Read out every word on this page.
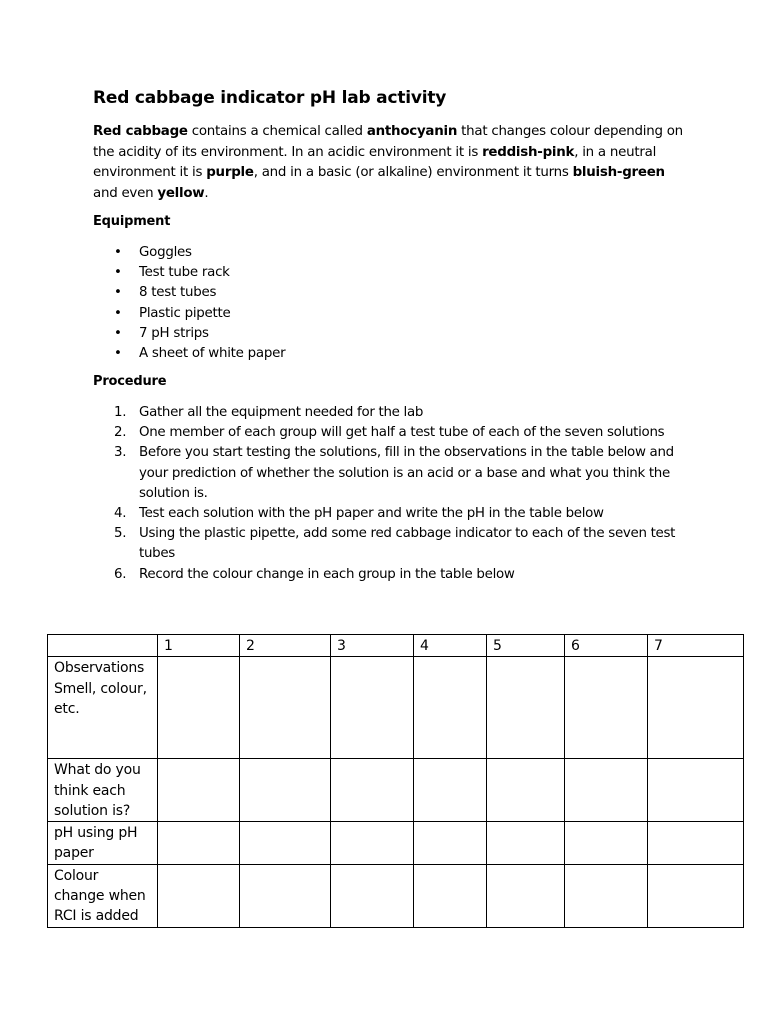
Red cabbage indicator pH lab activity
Red cabbage contains a chemical called anthocyanin that changes colour depending on the acidity of its environment. In an acidic environment it is reddish-pink, in a neutral environment it is purple, and in a basic (or alkaline) environment it turns bluish-green and even yellow.
Equipment
• Goggles
• Test tube rack
• 8 test tubes
• Plastic pipette
• 7 pH strips
• A sheet of white paper
Procedure
1. Gather all the equipment needed for the lab
2. One member of each group will get half a test tube of each of the seven solutions
3. Before you start testing the solutions, fill in the observations in the table below and your prediction of whether the solution is an acid or a base and what you think the solution is.
4. Test each solution with the pH paper and write the pH in the table below
5. Using the plastic pipette, add some red cabbage indicator to each of the seven test tubes
6. Record the colour change in each group in the table below
	1	2	3	4	5	6	7
Observations Smell, colour, etc.							
What do you think each solution is?							
pH using pH paper							
Colour change when RCI is added							
